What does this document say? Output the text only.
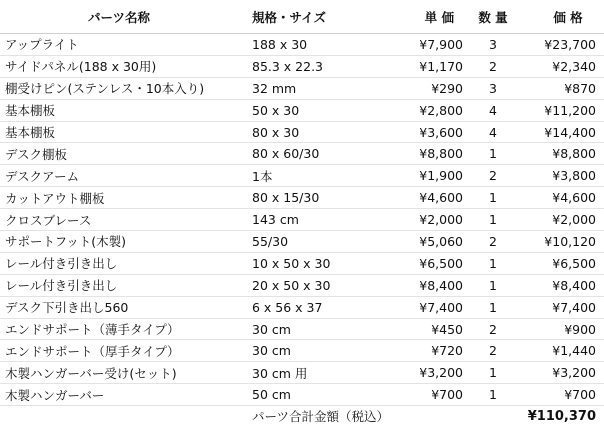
パーツ名称	規格・サイズ	単 価	数 量	価 格
アップライト	188 x 30	¥7,900	3	¥23,700
サイドパネル(188 x 30用)	85.3 x 22.3	¥1,170	2	¥2,340
棚受けピン(ステンレス・10本入り)	32 mm	¥290	3	¥870
基本棚板	50 x 30	¥2,800	4	¥11,200
基本棚板	80 x 30	¥3,600	4	¥14,400
デスク棚板	80 x 60/30	¥8,800	1	¥8,800
デスクアーム	1本	¥1,900	2	¥3,800
カットアウト棚板	80 x 15/30	¥4,600	1	¥4,600
クロスブレース	143 cm	¥2,000	1	¥2,000
サポートフット(木製)	55/30	¥5,060	2	¥10,120
レール付き引き出し	10 x 50 x 30	¥6,500	1	¥6,500
レール付き引き出し	20 x 50 x 30	¥8,400	1	¥8,400
デスク下引き出し560	6 x 56 x 37	¥7,400	1	¥7,400
エンドサポート（薄手タイプ）	30 cm	¥450	2	¥900
エンドサポート（厚手タイプ）	30 cm	¥720	2	¥1,440
木製ハンガーバー受け(セット)	30 cm 用	¥3,200	1	¥3,200
木製ハンガーバー	50 cm	¥700	1	¥700
	パーツ合計金額（税込）			¥110,370
